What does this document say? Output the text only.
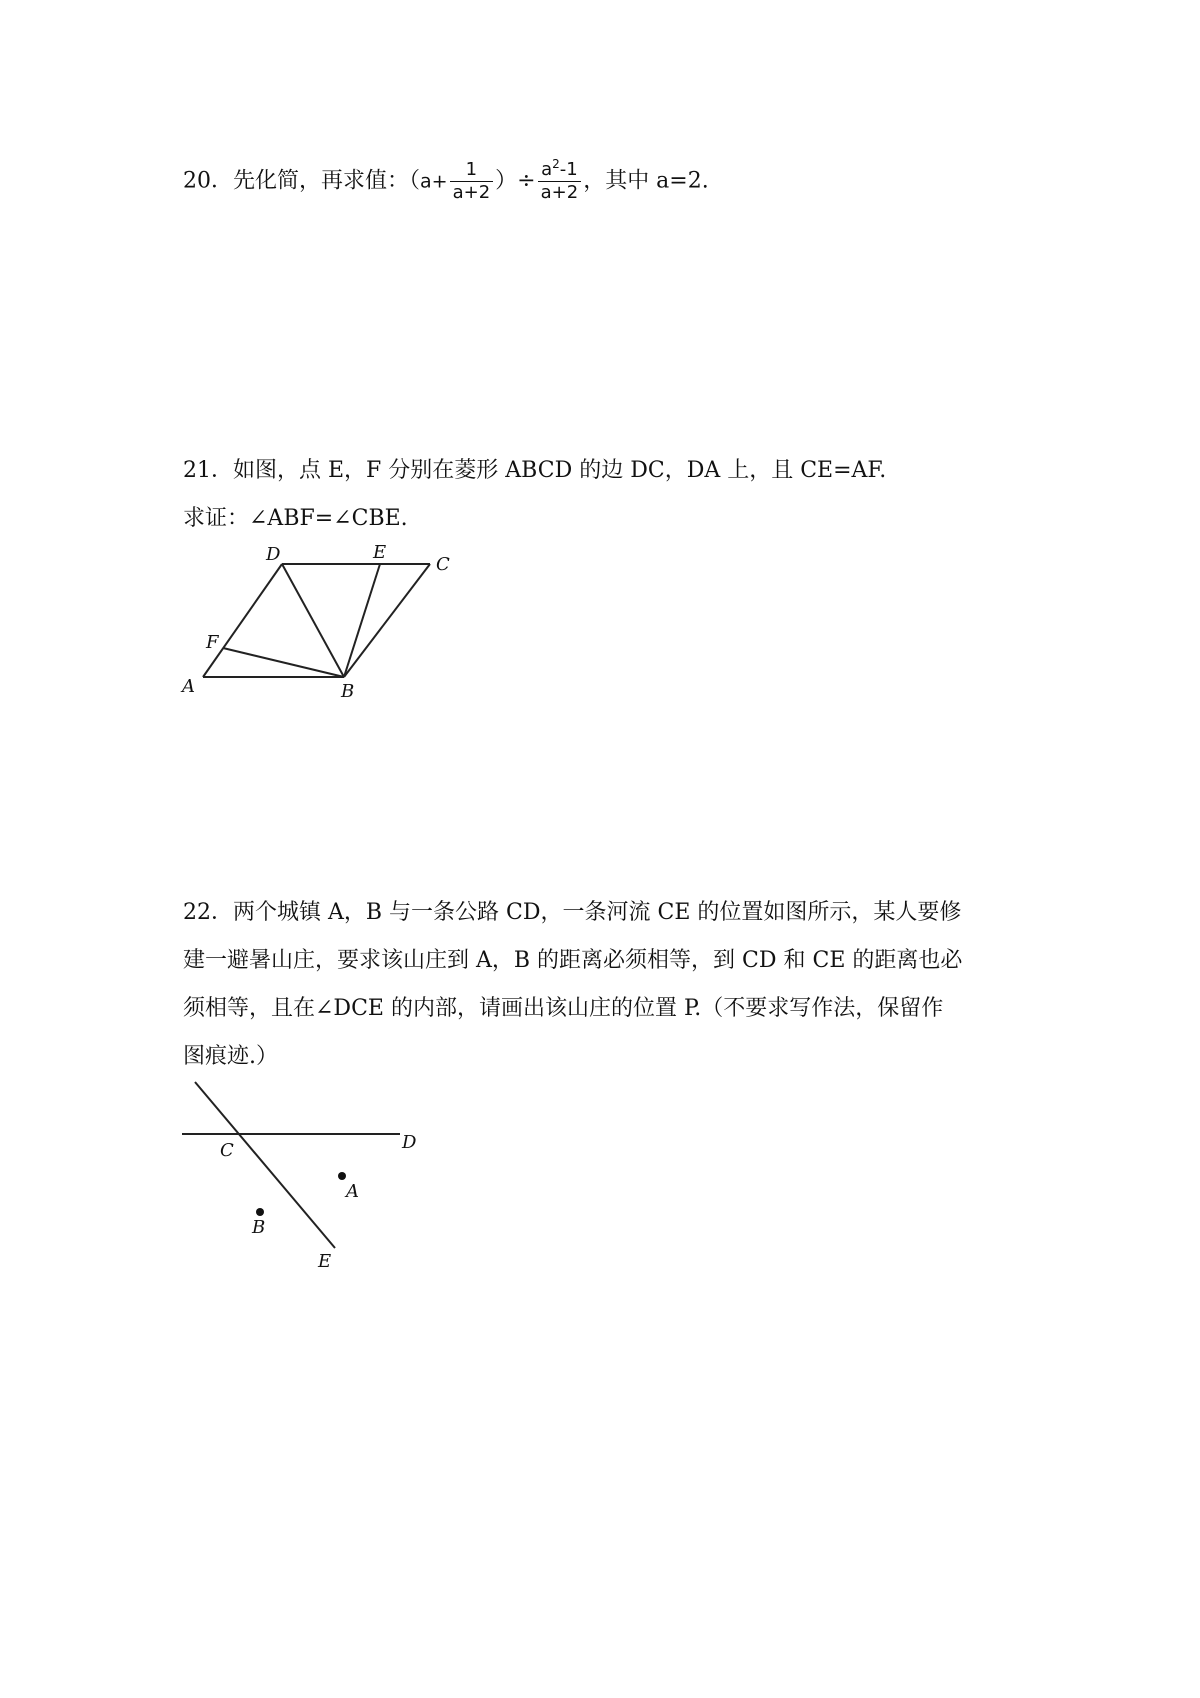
20．先化简，再求值：（$a+ \frac{1}{a+2}$ ）÷ $\frac{a^2-1}{a+2}$ ，其中 a=2.
21．如图，点 E，F 分别在菱形 ABCD 的边 DC，DA 上，且 CE=AF.
求证：∠ABF=∠CBE.
D	E
C
F
A	B
22．两个城镇 A，B 与一条公路 CD，一条河流 CE 的位置如图所示，某人要修
建一避暑山庄，要求该山庄到 A，B 的距离必须相等，到 CD 和 CE 的距离也必
须相等，且在∠DCE 的内部，请画出该山庄的位置 P.（不要求写作法，保留作
图痕迹.）
C	D
A
B
E
